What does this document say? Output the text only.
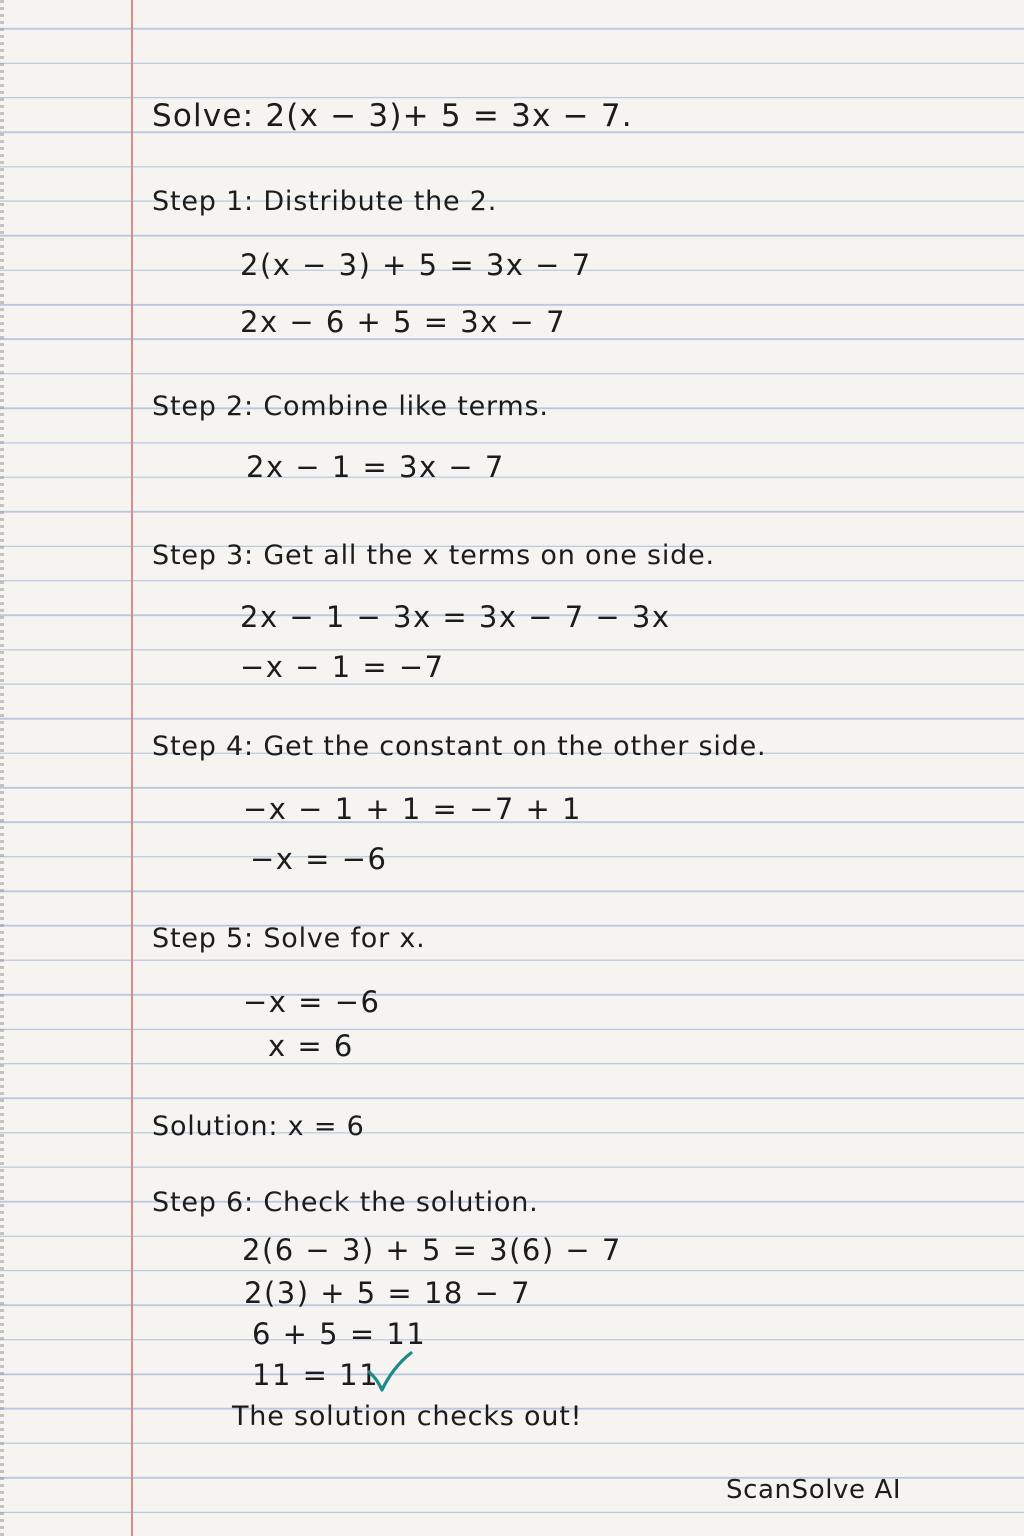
Solve: 2(x − 3)+ 5 = 3x − 7.
Step 1: Distribute the 2.
2(x − 3) + 5 = 3x − 7
2x − 6 + 5 = 3x − 7
Step 2: Combine like terms.
2x − 1 = 3x − 7
Step 3: Get all the x terms on one side.
2x − 1 − 3x = 3x − 7 − 3x
−x − 1 = −7
Step 4: Get the constant on the other side.
−x − 1 + 1 = −7 + 1
−x = −6
Step 5: Solve for x.
−x = −6
x = 6
Solution: x = 6
Step 6: Check the solution.
2(6 − 3) + 5 = 3(6) − 7
2(3) + 5 = 18 − 7
6 + 5 = 11
11 = 11
The solution checks out!
ScanSolve AI
